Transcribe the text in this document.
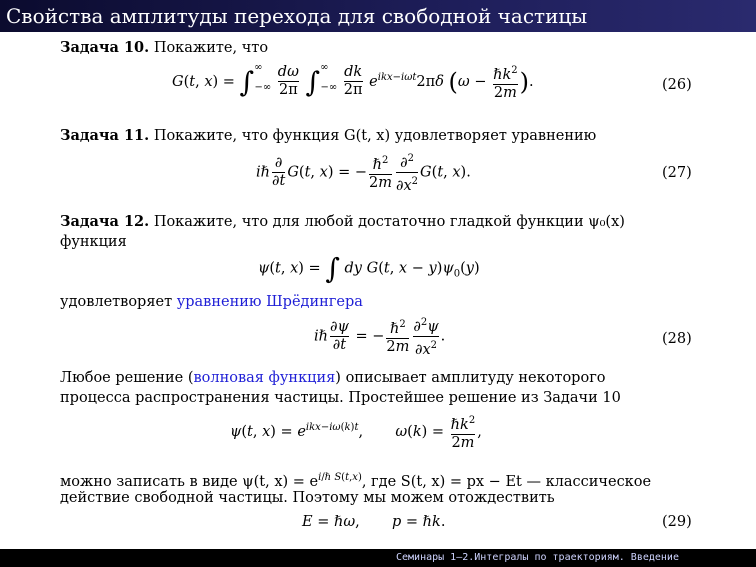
Свойства амплитуды перехода для свободной частицы
Задача 10. Покажите, что
G(t, $x) = \int^\infty_{-\infty} \frac{d\omega}{2\pi} \int^\infty_{-\infty} \frac{dk}{2\pi} e^{ikx-i\omega t}2\pi\delta$ ($\omega - \frac{\hbar k^2}{2m}$ ).	(26)
Задача 11. Покажите, что функция G(t, x) удовлетворяет уравнению
iℏ $\frac{\partial}{\partial t} G(t$, x) = − $\frac{\hbar^2}{2m} \frac{\partial^2}{\partial x^2} G(t$, x).	(27)
Задача 12. Покажите, что для любой достаточно гладкой функции ψ₀(x)
функция
ψ(t, x) = ∫ dy G(t, $x - y)\psi_0(y)$
удовлетворяет уравнению Шрёдингера
iℏ $\frac{\partial\psi}{\partial t}$ = − $\frac{\hbar^2}{2m} \frac{\partial^2\psi}{\partial x^2}$ .	(28)
Любое решение (волновая функция) описывает амплитуду некоторого
процесса распространения частицы. Простейшее решение из Задачи 10
ψ(t, $x) = e^{ikx-i\omega(k)t}$,       $\omega(k) = \frac{\hbar k^2}{2m}$ ,
можно записать в виде ψ(t, $x) = e^{i/\hbar S(t,x)}$, где S(t, x) = px − Et — классическое
действие свободной частицы. Поэтому мы можем отождествить
E = ℏω,       p = ℏk.	(29)
Семинары 1–2.Интегралы по траекториям. Введение
